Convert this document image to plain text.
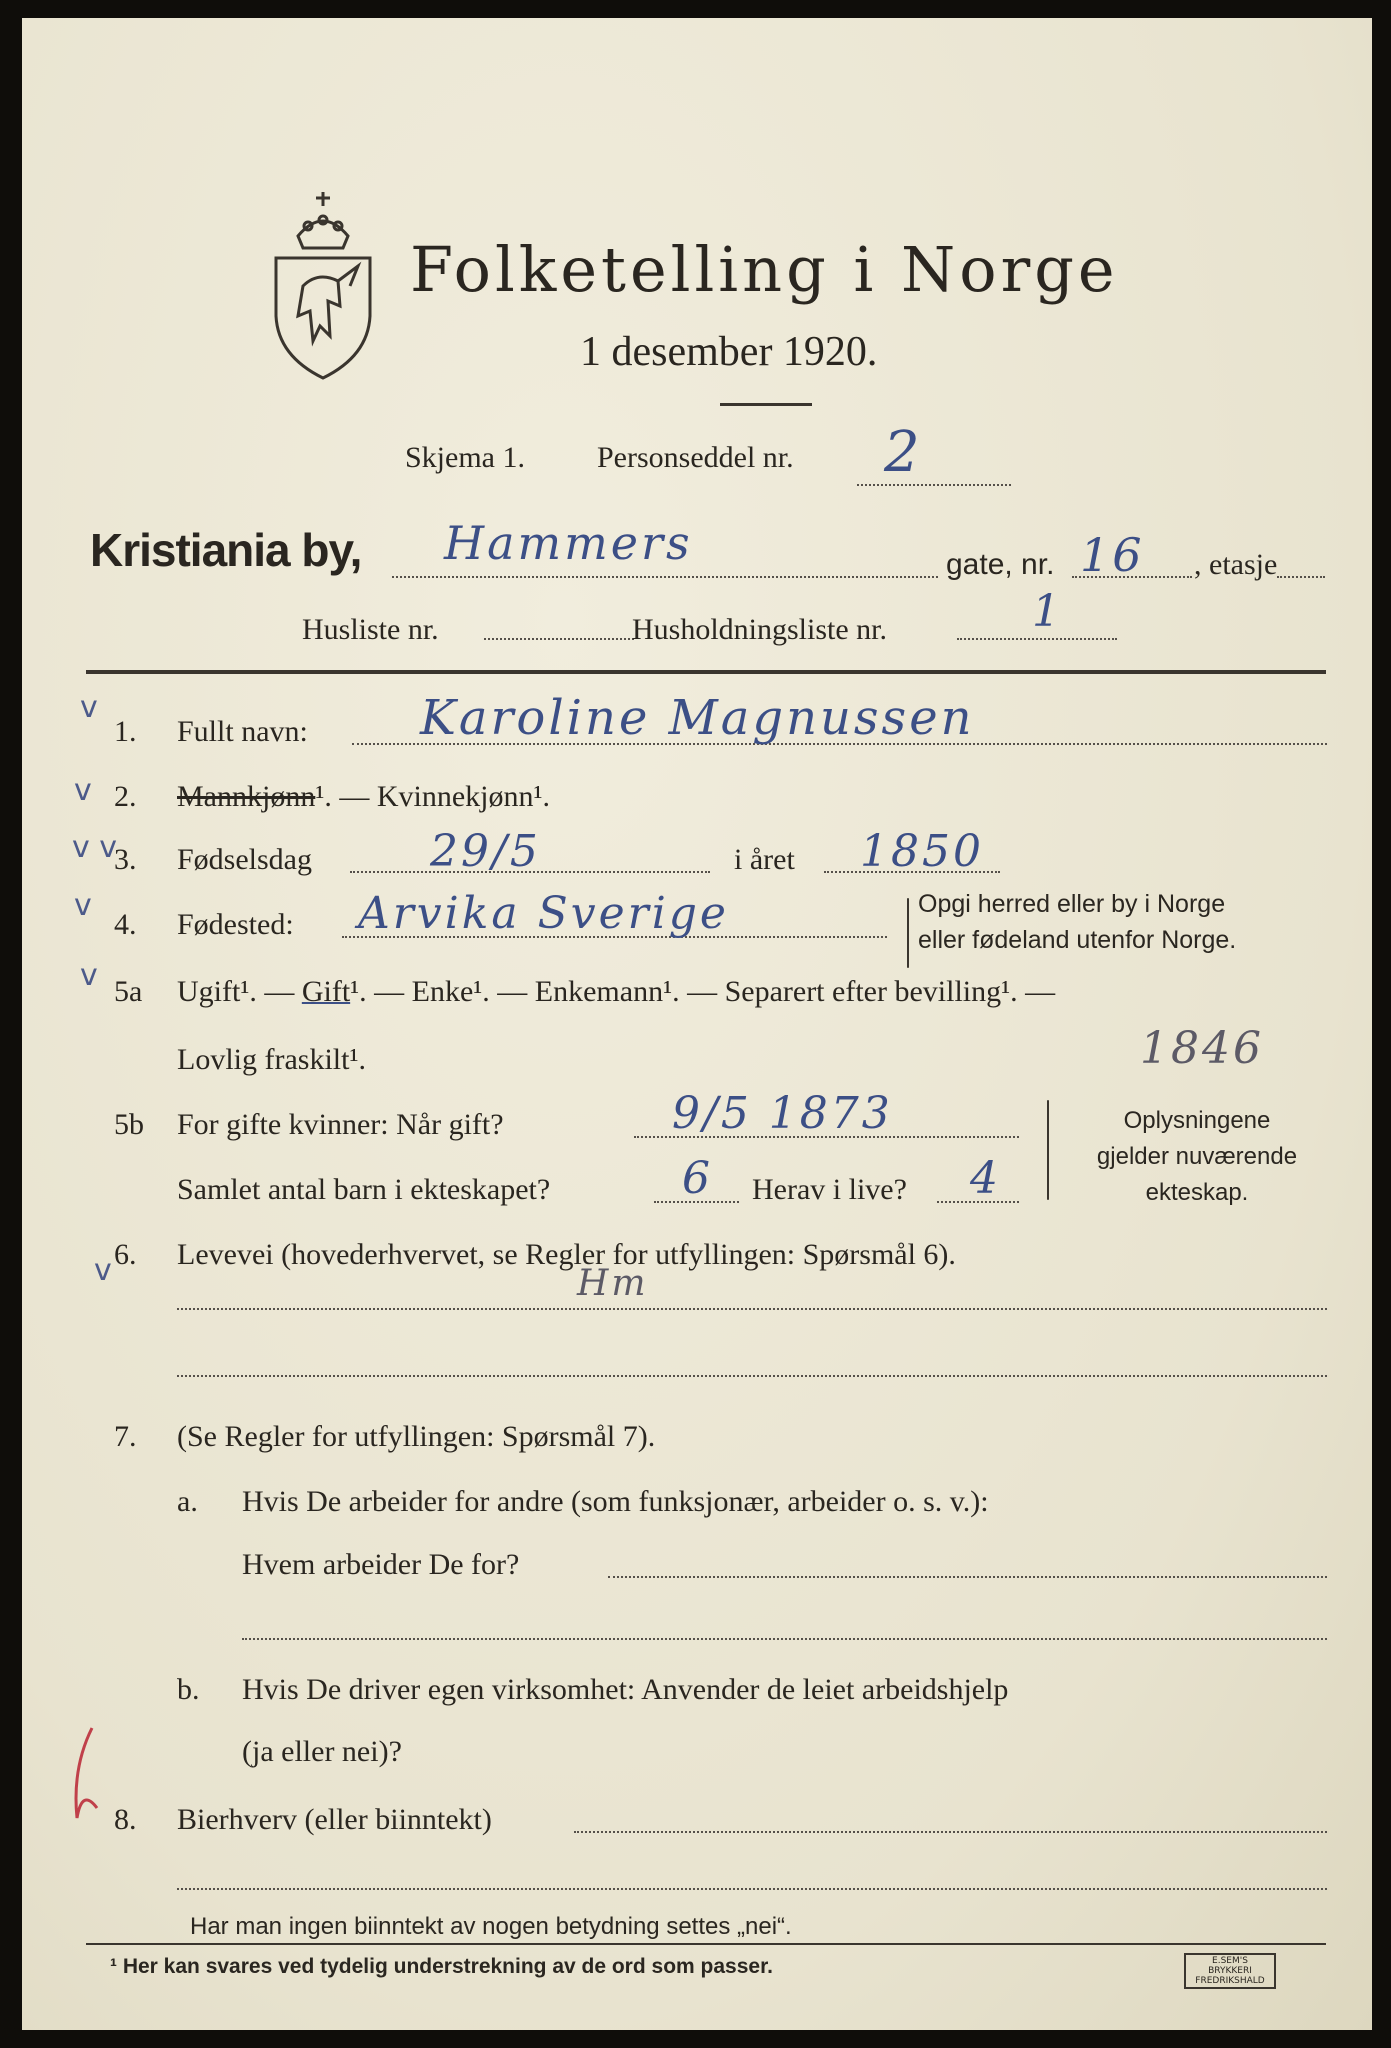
Folketelling i Norge
1 desember 1920.
Skjema 1. Personseddel nr. 2
Kristiania by, Hammers	gate, nr. 16 , etasje
Husliste nr.	Husholdningsliste nr.	1
v
v
v v
v
v
v
1. Fullt navn: Karoline Magnussen
2. Mannkjønn¹. — Kvinnekjønn¹.
3. Fødselsdag	29/5	i året 1850
4. Fødested: Arvika Sverige	Opgi herred eller by i Norge
eller fødeland utenfor Norge.
5a Ugift¹. — Gift¹. — Enke¹. — Enkemann¹. — Separert efter bevilling¹. —
Lovlig fraskilt¹.	1846
5b For gifte kvinner: Når gift?	9/5 1873
Samlet antal barn i ekteskapet?	6 Herav i live? 4
Oplysningene
gjelder nuværende
ekteskap.
6. Levevei (hovederhvervet, se Regler for utfyllingen: Spørsmål 6).
Hm
7. (Se Regler for utfyllingen: Spørsmål 7).
a. Hvis De arbeider for andre (som funksjonær, arbeider o. s. v.):
Hvem arbeider De for?
b. Hvis De driver egen virksomhet: Anvender de leiet arbeidshjelp
(ja eller nei)?
8. Bierhverv (eller biinntekt)
Har man ingen biinntekt av nogen betydning settes „nei“.
¹ Her kan svares ved tydelig understrekning av de ord som passer.	E.SEM'S BRYKKERI FREDRIKSHALD
